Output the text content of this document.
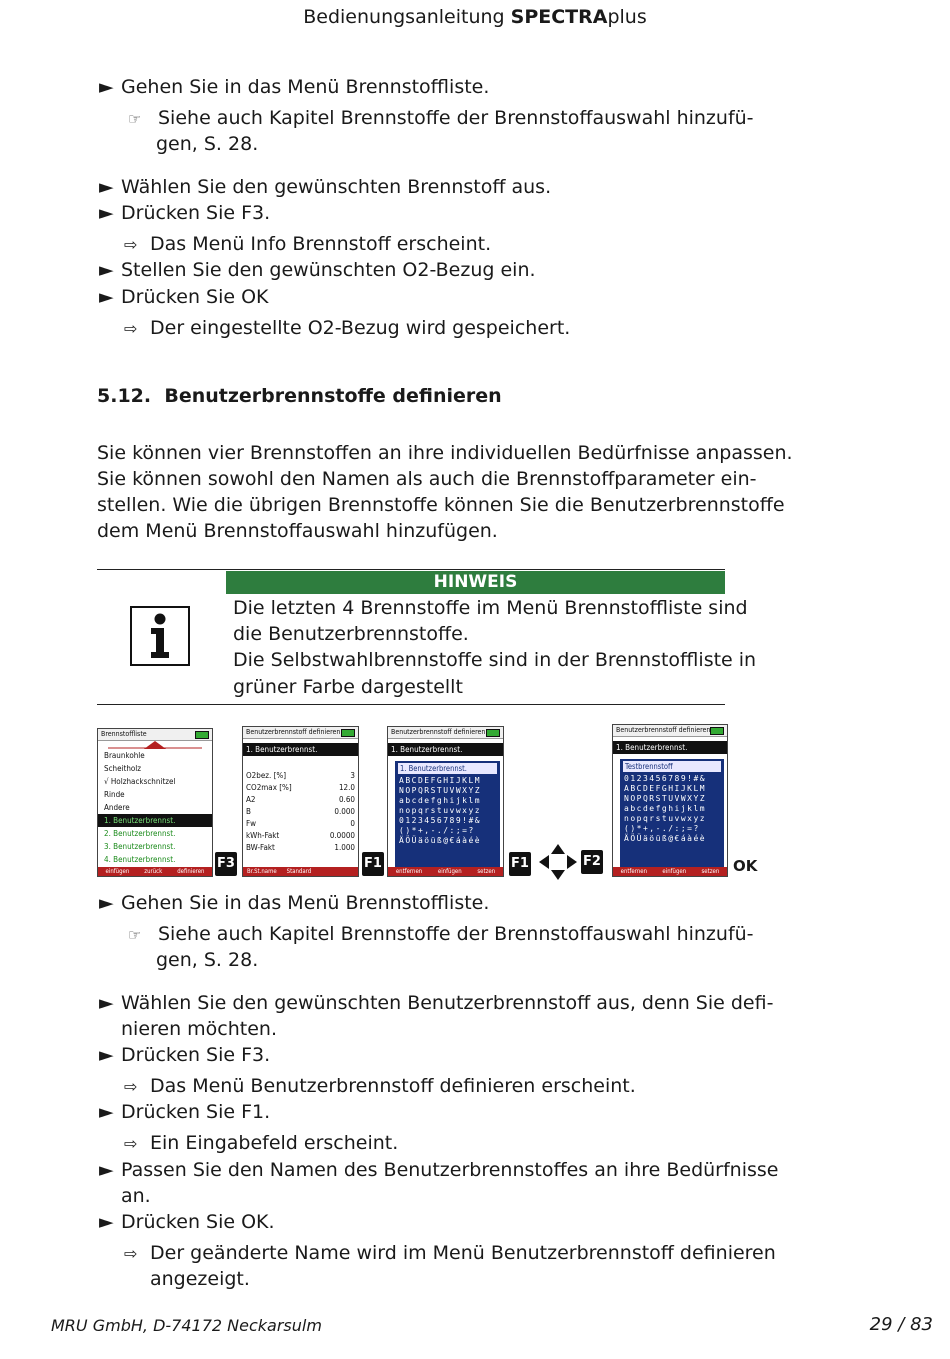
Bedienungsanleitung SPECTRAplus
► Gehen Sie in das Menü Brennstoffliste.
☞ Siehe auch Kapitel Brennstoffe der Brennstoffauswahl hinzufü-
gen, S. 28.
► Wählen Sie den gewünschten Brennstoff aus.
► Drücken Sie F3.
⇨ Das Menü Info Brennstoff erscheint.
► Stellen Sie den gewünschten O2-Bezug ein.
► Drücken Sie OK
⇨ Der eingestellte O2-Bezug wird gespeichert.
5.12. Benutzerbrennstoffe definieren
Sie können vier Brennstoffen an ihre individuellen Bedürfnisse anpassen.
Sie können sowohl den Namen als auch die Brennstoffparameter ein-
stellen. Wie die übrigen Brennstoffe können Sie die Benutzerbrennstoffe
dem Menü Brennstoffauswahl hinzufügen.
HINWEIS
Die letzten 4 Brennstoffe im Menü Brennstoffliste sind
die Benutzerbrennstoffe.
Die Selbstwahlbrennstoffe sind in der Brennstoffliste in
grüner Farbe dargestellt
Brennstoffliste
Braunkohle
Scheitholz
√ Holzhackschnitzel
Rinde
Andere
1. Benutzerbrennst.
2. Benutzerbrennst.
3. Benutzerbrennst.
4. Benutzerbrennst.
einfügen	zurück	definieren
F3
Benutzerbrennstoff definieren
1. Benutzerbrennst.
O2bez. [%]	3
CO2max [%]	12.0
A2	0.60
B	0.000
Fw	0
kWh-Fakt	0.0000
BW-Fakt	1.000
Br.St.name Standard
F1
Benutzerbrennstoff definieren
1. Benutzerbrennst.
1. Benutzerbrennst.
ABCDEFGHIJKLM
NOPQRSTUVWXYZ
abcdefghijklm
nopqrstuvwxyz
0123456789!#&
()*+,-./:;=?
ÄÖÜäöüß@€áàéè
entfernen	einfügen	setzen
F1	F2
Benutzerbrennstoff definieren
1. Benutzerbrennst.
Testbrennstoff
0123456789!#&
ABCDEFGHIJKLM
NOPQRSTUVWXYZ
abcdefghijklm
nopqrstuvwxyz
()*+,-./:;=?
ÄÖÜäöüß@€áàéè
entfernen	einfügen	setzen OK
► Gehen Sie in das Menü Brennstoffliste.
☞ Siehe auch Kapitel Brennstoffe der Brennstoffauswahl hinzufü-
gen, S. 28.
► Wählen Sie den gewünschten Benutzerbrennstoff aus, denn Sie defi-
nieren möchten.
► Drücken Sie F3.
⇨ Das Menü Benutzerbrennstoff definieren erscheint.
► Drücken Sie F1.
⇨ Ein Eingabefeld erscheint.
► Passen Sie den Namen des Benutzerbrennstoffes an ihre Bedürfnisse
an.
► Drücken Sie OK.
⇨ Der geänderte Name wird im Menü Benutzerbrennstoff definieren
angezeigt.
MRU GmbH, D-74172 Neckarsulm	29 / 83
